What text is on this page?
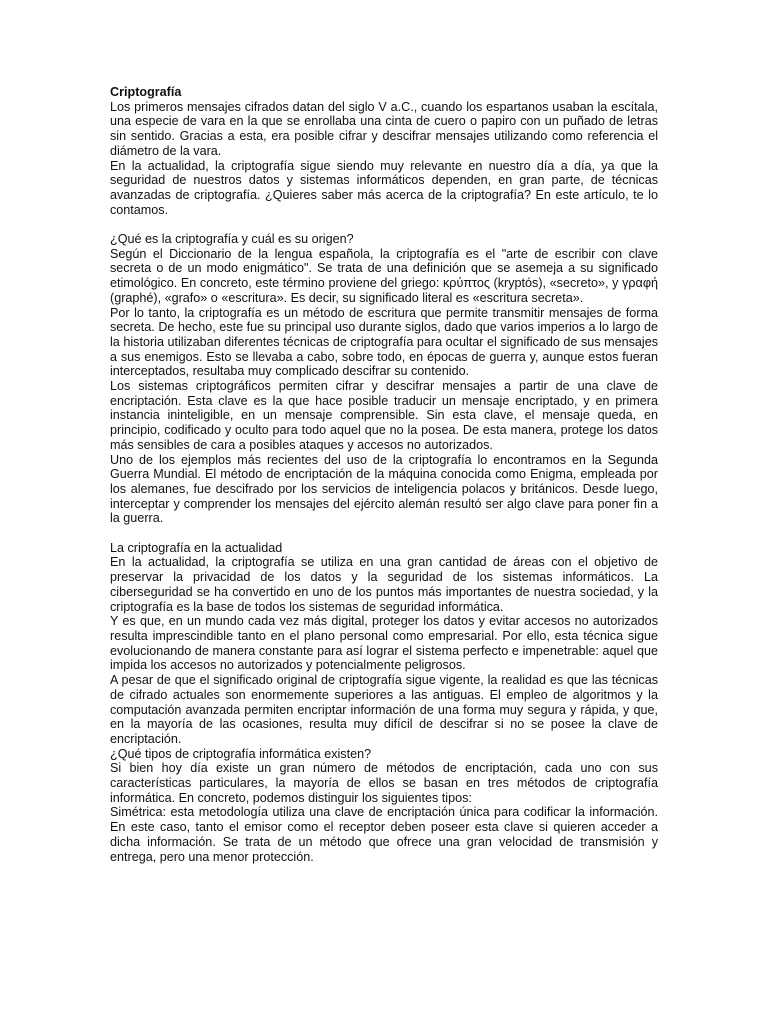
Criptografía
Los primeros mensajes cifrados datan del siglo V a.C., cuando los espartanos usaban la escítala, una especie de vara en la que se enrollaba una cinta de cuero o papiro con un puñado de letras sin sentido. Gracias a esta, era posible cifrar y descifrar mensajes utilizando como referencia el diámetro de la vara.
En la actualidad, la criptografía sigue siendo muy relevante en nuestro día a día, ya que la seguridad de nuestros datos y sistemas informáticos dependen, en gran parte, de técnicas avanzadas de criptografía. ¿Quieres saber más acerca de la criptografía? En este artículo, te lo contamos.
¿Qué es la criptografía y cuál es su origen?
Según el Diccionario de la lengua española, la criptografía es el "arte de escribir con clave secreta o de un modo enigmático". Se trata de una definición que se asemeja a su significado etimológico. En concreto, este término proviene del griego: κρύπτος (kryptós), «secreto», y γραφή (graphé), «grafo» o «escritura». Es decir, su significado literal es «escritura secreta».
Por lo tanto, la criptografía es un método de escritura que permite transmitir mensajes de forma secreta. De hecho, este fue su principal uso durante siglos, dado que varios imperios a lo largo de la historia utilizaban diferentes técnicas de criptografía para ocultar el significado de sus mensajes a sus enemigos. Esto se llevaba a cabo, sobre todo, en épocas de guerra y, aunque estos fueran interceptados, resultaba muy complicado descifrar su contenido.
Los sistemas criptográficos permiten cifrar y descifrar mensajes a partir de una clave de encriptación. Esta clave es la que hace posible traducir un mensaje encriptado, y en primera instancia ininteligible, en un mensaje comprensible. Sin esta clave, el mensaje queda, en principio, codificado y oculto para todo aquel que no la posea. De esta manera, protege los datos más sensibles de cara a posibles ataques y accesos no autorizados.
Uno de los ejemplos más recientes del uso de la criptografía lo encontramos en la Segunda Guerra Mundial. El método de encriptación de la máquina conocida como Enigma, empleada por los alemanes, fue descifrado por los servicios de inteligencia polacos y británicos. Desde luego, interceptar y comprender los mensajes del ejército alemán resultó ser algo clave para poner fin a la guerra.
La criptografía en la actualidad
En la actualidad, la criptografía se utiliza en una gran cantidad de áreas con el objetivo de preservar la privacidad de los datos y la seguridad de los sistemas informáticos. La ciberseguridad se ha convertido en uno de los puntos más importantes de nuestra sociedad, y la criptografía es la base de todos los sistemas de seguridad informática.
Y es que, en un mundo cada vez más digital, proteger los datos y evitar accesos no autorizados resulta imprescindible tanto en el plano personal como empresarial. Por ello, esta técnica sigue evolucionando de manera constante para así lograr el sistema perfecto e impenetrable: aquel que impida los accesos no autorizados y potencialmente peligrosos.
A pesar de que el significado original de criptografía sigue vigente, la realidad es que las técnicas de cifrado actuales son enormemente superiores a las antiguas. El empleo de algoritmos y la computación avanzada permiten encriptar información de una forma muy segura y rápida, y que, en la mayoría de las ocasiones, resulta muy difícil de descifrar si no se posee la clave de encriptación.
¿Qué tipos de criptografía informática existen?
Si bien hoy día existe un gran número de métodos de encriptación, cada uno con sus características particulares, la mayoría de ellos se basan en tres métodos de criptografía informática. En concreto, podemos distinguir los siguientes tipos:
Simétrica: esta metodología utiliza una clave de encriptación única para codificar la información. En este caso, tanto el emisor como el receptor deben poseer esta clave si quieren acceder a dicha información. Se trata de un método que ofrece una gran velocidad de transmisión y entrega, pero una menor protección.
